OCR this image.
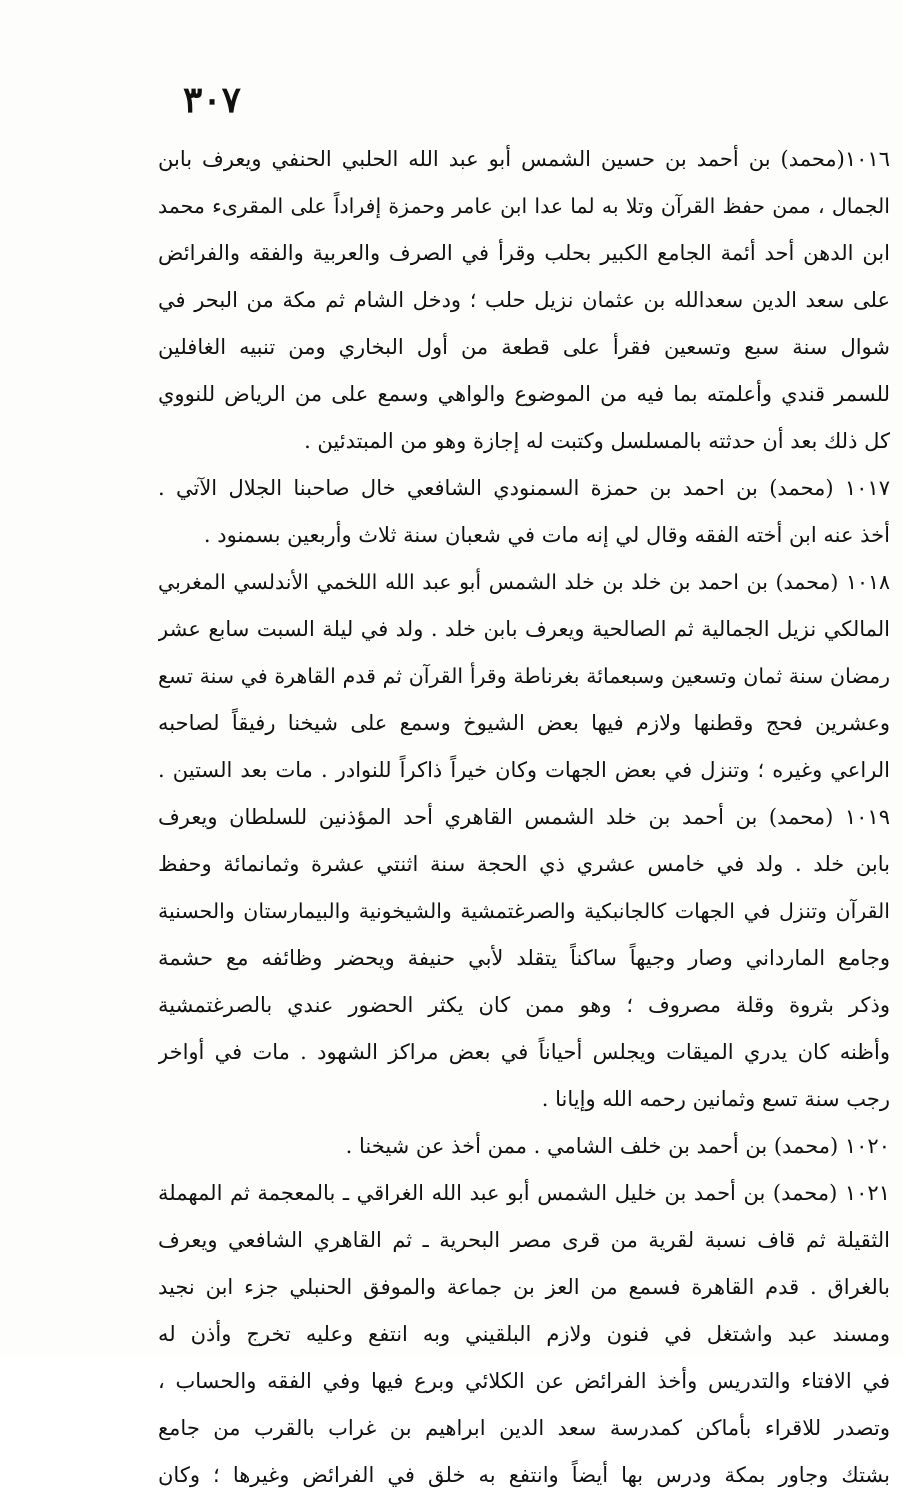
٣٠٧
١٠١٦(محمد) بن أحمد بن حسين الشمس أبو عبد الله الحلبي الحنفي ويعرف بابن
الجمال ، ممن حفظ القرآن وتلا به لما عدا ابن عامر وحمزة إفراداً على المقرىء محمد
ابن الدهن أحد أئمة الجامع الكبير بحلب وقرأ في الصرف والعربية والفقه والفرائض
على سعد الدين سعدالله بن عثمان نزيل حلب ؛ ودخل الشام ثم مكة من البحر في
شوال سنة سبع وتسعين فقرأ على قطعة من أول البخاري ومن تنبيه الغافلين
للسمر قندي وأعلمته بما فيه من الموضوع والواهي وسمع على من الرياض للنووي
كل ذلك بعد أن حدثته بالمسلسل وكتبت له إجازة وهو من المبتدئين .
١٠١٧ (محمد) بن احمد بن حمزة السمنودي الشافعي خال صاحبنا الجلال الآتي .
أخذ عنه ابن أخته الفقه وقال لي إنه مات في شعبان سنة ثلاث وأربعين بسمنود .
١٠١٨ (محمد) بن احمد بن خلد بن خلد الشمس أبو عبد الله اللخمي الأندلسي المغربي
المالكي نزيل الجمالية ثم الصالحية ويعرف بابن خلد . ولد في ليلة السبت سابع عشر
رمضان سنة ثمان وتسعين وسبعمائة بغرناطة وقرأ القرآن ثم قدم القاهرة في سنة تسع
وعشرين فحج وقطنها ولازم فيها بعض الشيوخ وسمع على شيخنا رفيقاً لصاحبه
الراعي وغيره ؛ وتنزل في بعض الجهات وكان خيراً ذاكراً للنوادر . مات بعد الستين .
١٠١٩ (محمد) بن أحمد بن خلد الشمس القاهري أحد المؤذنين للسلطان ويعرف
بابن خلد . ولد في خامس عشري ذي الحجة سنة اثنتي عشرة وثمانمائة وحفظ
القرآن وتنزل في الجهات كالجانبكية والصرغتمشية والشيخونية والبيمارستان والحسنية
وجامع المارداني وصار وجيهاً ساكناً يتقلد لأبي حنيفة ويحضر وظائفه مع حشمة
وذكر بثروة وقلة مصروف ؛ وهو ممن كان يكثر الحضور عندي بالصرغتمشية
وأظنه كان يدري الميقات ويجلس أحياناً في بعض مراكز الشهود . مات في أواخر
رجب سنة تسع وثمانين رحمه الله وإيانا .
١٠٢٠ (محمد) بن أحمد بن خلف الشامي . ممن أخذ عن شيخنا .
١٠٢١ (محمد) بن أحمد بن خليل الشمس أبو عبد الله الغراقي ـ بالمعجمة ثم المهملة
الثقيلة ثم قاف نسبة لقرية من قرى مصر البحرية ـ ثم القاهري الشافعي ويعرف
بالغراق . قدم القاهرة فسمع من العز بن جماعة والموفق الحنبلي جزء ابن نجيد
ومسند عبد واشتغل في فنون ولازم البلقيني وبه انتفع وعليه تخرج وأذن له
في الافتاء والتدريس وأخذ الفرائض عن الكلائي وبرع فيها وفي الفقه والحساب ،
وتصدر للاقراء بأماكن كمدرسة سعد الدين ابراهيم بن غراب بالقرب من جامع
بشتك وجاور بمكة ودرس بها أيضاً وانتفع به خلق في الفرائض وغيرها ؛ وكان
